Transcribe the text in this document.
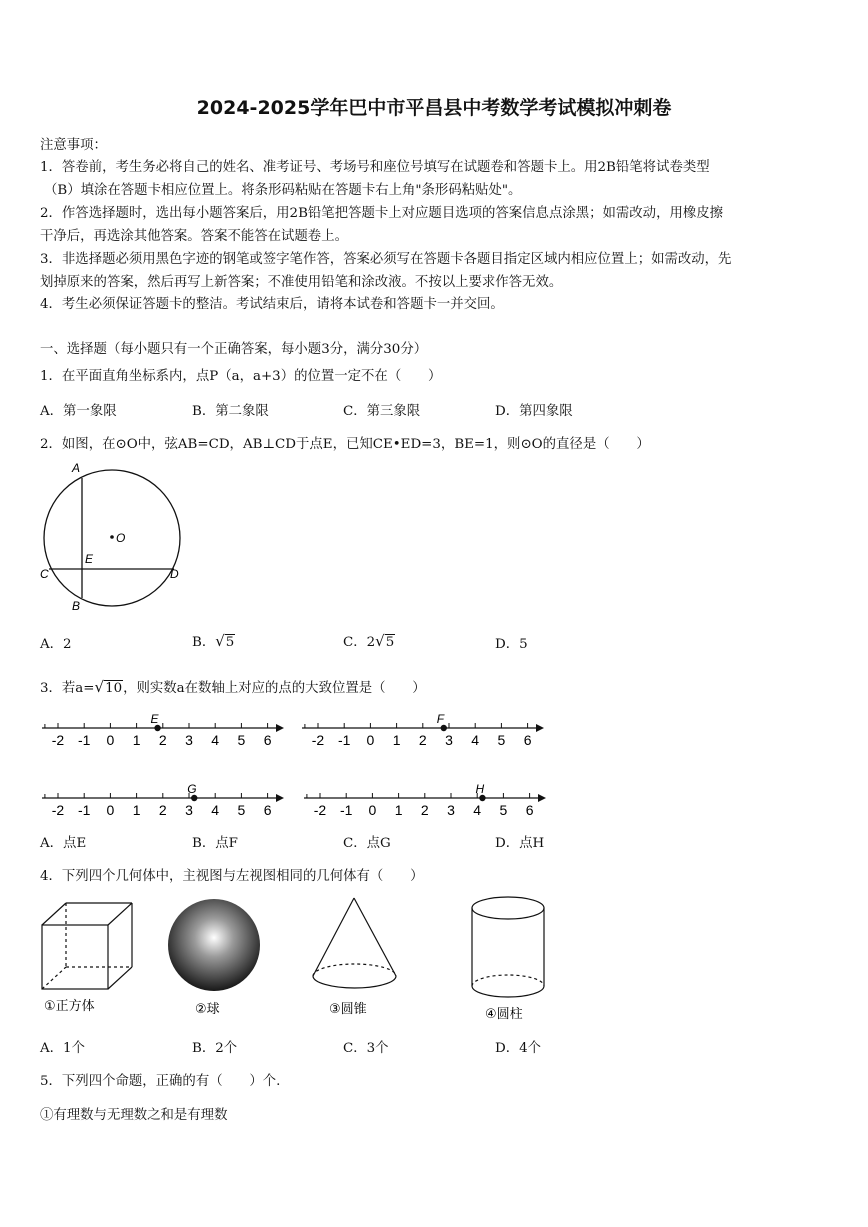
2024-2025学年巴中市平昌县中考数学考试模拟冲刺卷
注意事项：
1．答卷前，考生务必将自己的姓名、准考证号、考场号和座位号填写在试题卷和答题卡上。用2B铅笔将试卷类型
（B）填涂在答题卡相应位置上。将条形码粘贴在答题卡右上角"条形码粘贴处"。
2．作答选择题时，选出每小题答案后，用2B铅笔把答题卡上对应题目选项的答案信息点涂黑；如需改动，用橡皮擦
干净后，再选涂其他答案。答案不能答在试题卷上。
3．非选择题必须用黑色字迹的钢笔或签字笔作答，答案必须写在答题卡各题目指定区域内相应位置上；如需改动，先
划掉原来的答案，然后再写上新答案；不准使用铅笔和涂改液。不按以上要求作答无效。
4．考生必须保证答题卡的整洁。考试结束后，请将本试卷和答题卡一并交回。
一、选择题（每小题只有一个正确答案，每小题3分，满分30分）
1．在平面直角坐标系内，点P（a，a+3）的位置一定不在（　　）
A．第一象限	B．第二象限	C．第三象限	D．第四象限
2．如图，在⊙O中，弦AB=CD，AB⊥CD于点E，已知CE•ED=3，BE=1，则⊙O的直径是（　　）
A
B
C	D
E
O
A．2	B．√5	C．2√5	D．5
3．若a=√10，则实数a在数轴上对应的点的大致位置是（　　）
-2 -1 0 1 2 3 4 5 6
E
-2 -1 0 1 2 3 4 5 6
F
-2 -1 0 1 2 3 4 5 6
G
-2 -1 0 1 2 3 4 5 6
H
A．点E	B．点F	C．点G	D．点H
4．下列四个几何体中，主视图与左视图相同的几何体有（　　）
①正方体	②球	③圆锥	④圆柱
A．1个	B．2个	C．3个	D．4个
5．下列四个命题，正确的有（　　）个.
①有理数与无理数之和是有理数
